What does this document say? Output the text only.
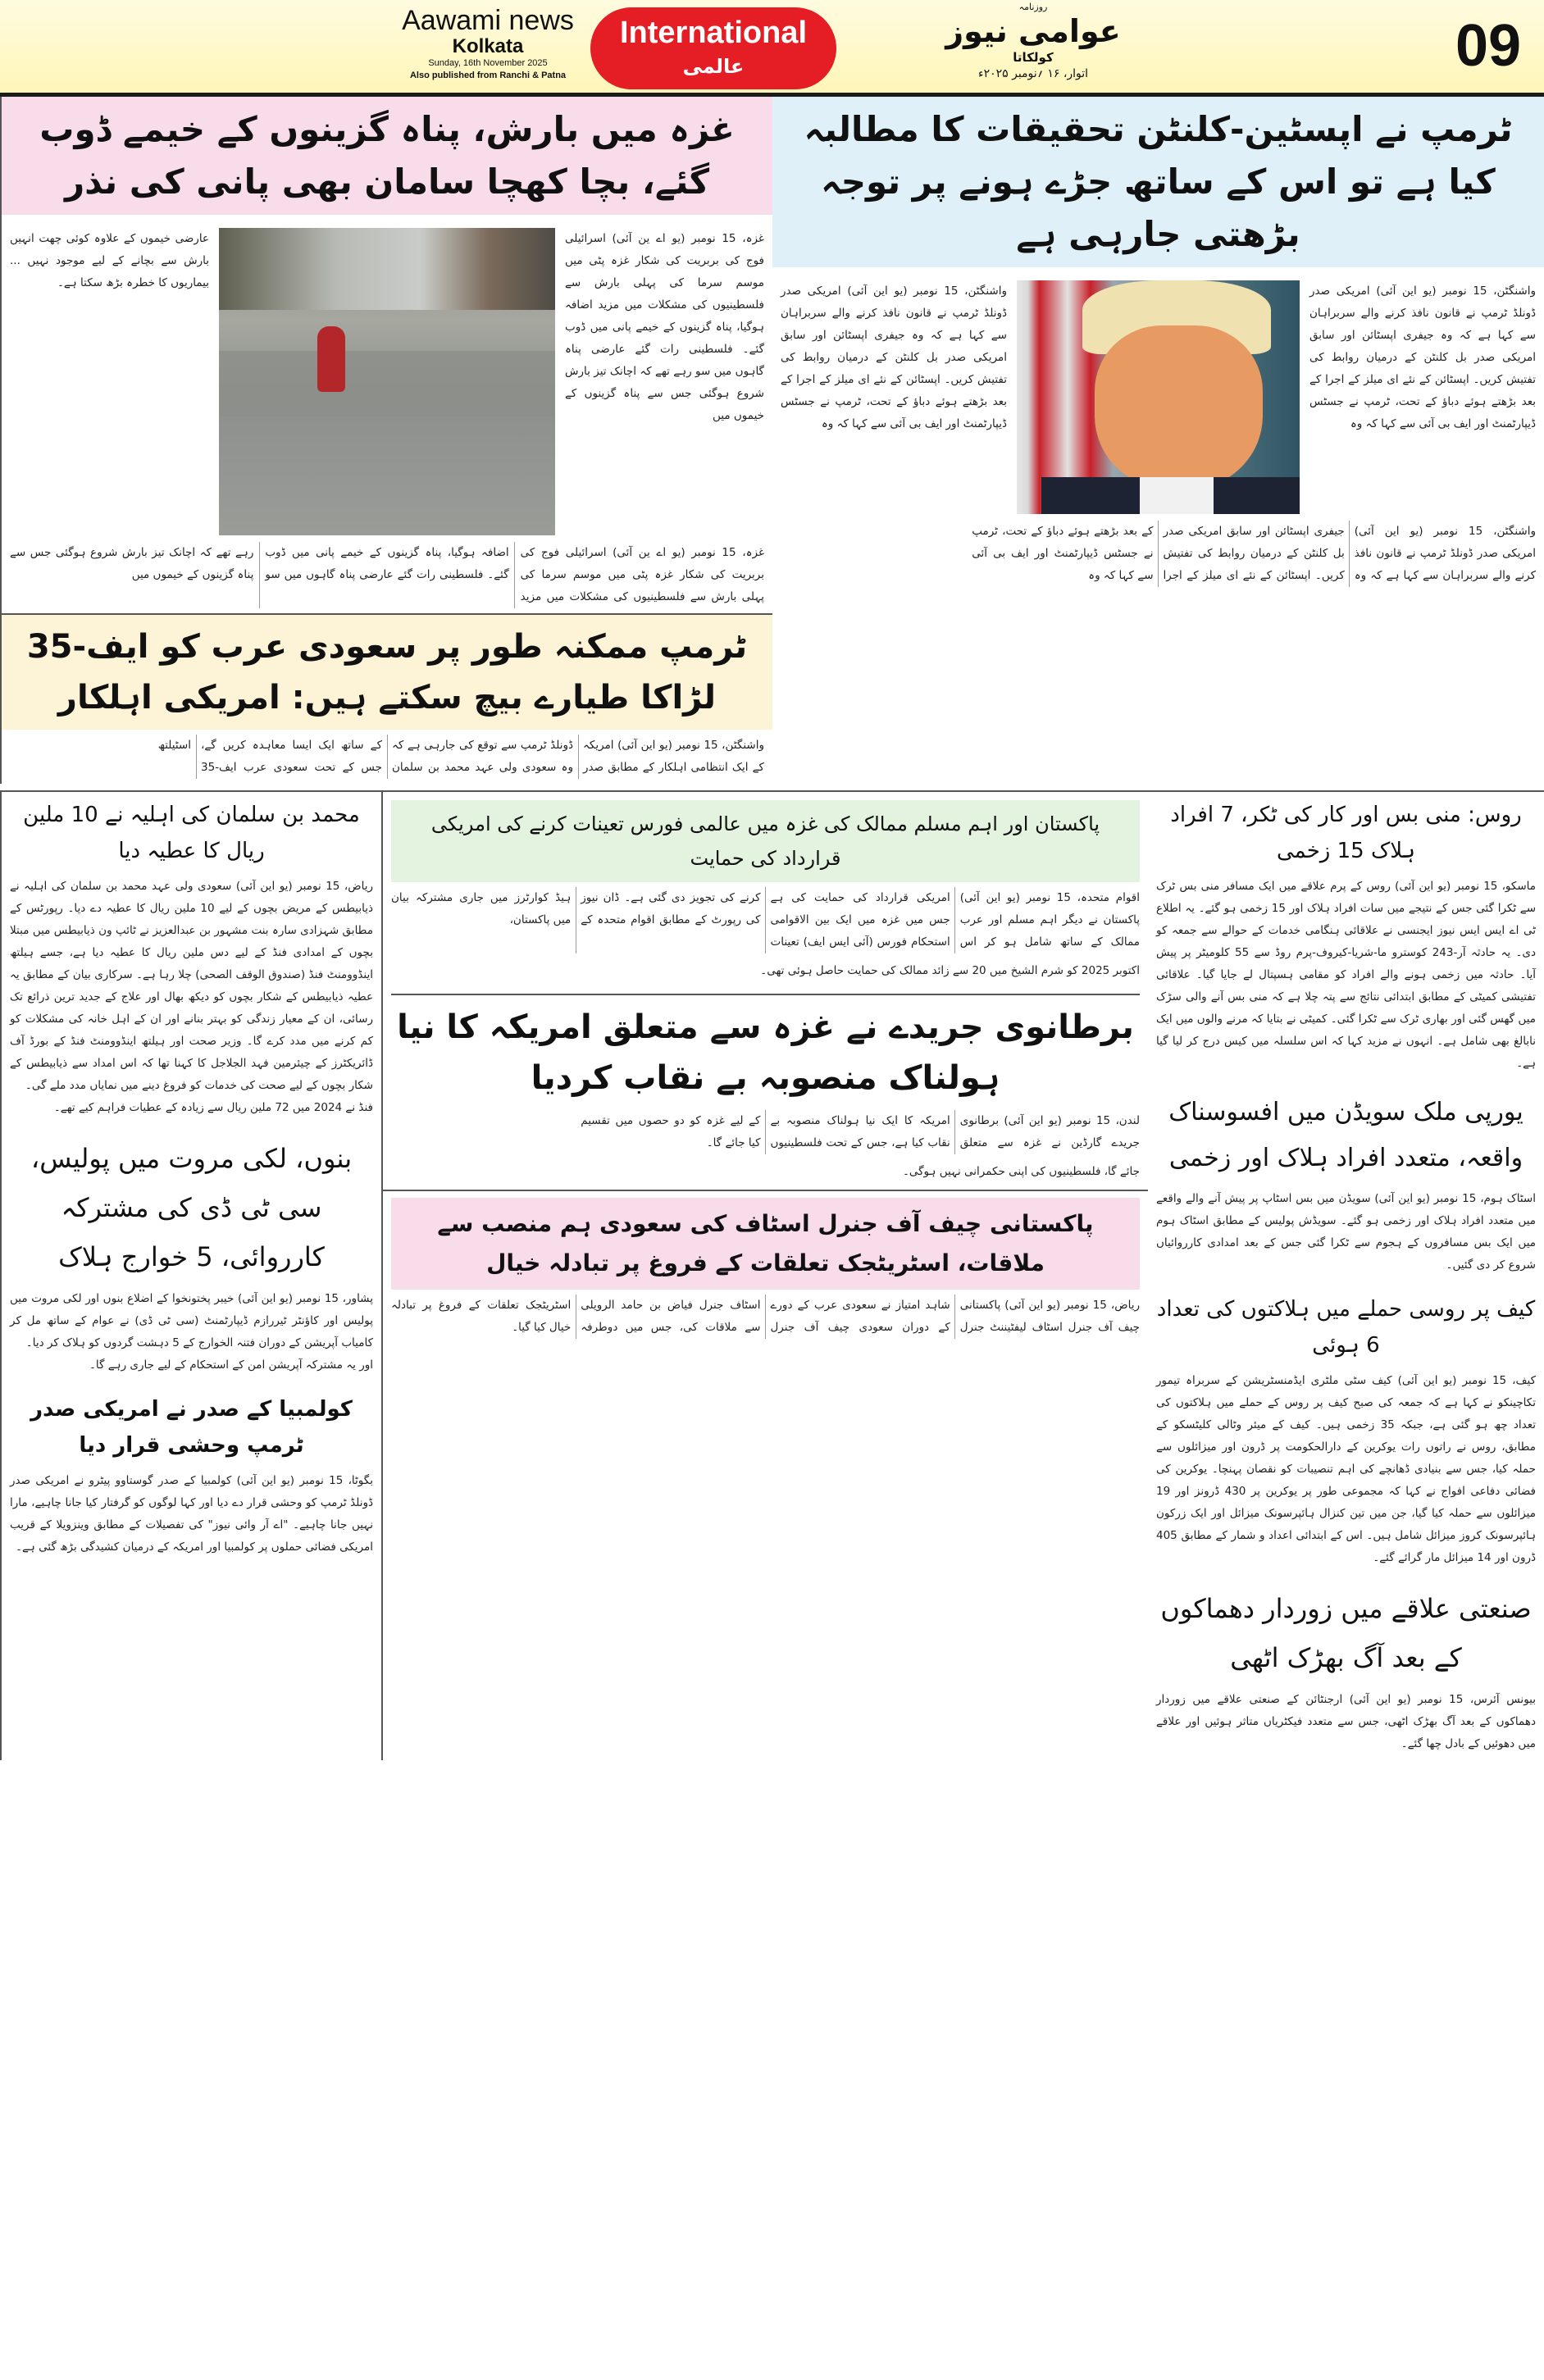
Aawami news
Kolkata
Sunday, 16th November 2025
Also published from Ranchi & Patna
International
عالمی
روزنامہ
عوامی نیوز
کولکاتا
اتوار، ۱۶ ؍نومبر ۲۰۲۵ء	09
ٹرمپ نے اپسٹین-کلنٹن تحقیقات کا مطالبہ کیا ہے تو اس کے ساتھ جڑے ہونے پر توجہ بڑھتی جارہی ہے
واشنگٹن، 15 نومبر (یو این آئی) امریکی صدر ڈونلڈ ٹرمپ نے قانون نافذ کرنے والے سربراہان سے کہا ہے کہ وہ جیفری اپسٹائن اور سابق امریکی صدر بل کلنٹن کے درمیان روابط کی تفتیش کریں۔ اپسٹائن کے نئے ای میلز کے اجرا کے بعد بڑھتے ہوئے دباؤ کے تحت، ٹرمپ نے جسٹس ڈیپارٹمنٹ اور ایف بی آئی سے کہا کہ وہ
واشنگٹن، 15 نومبر (یو این آئی) امریکی صدر ڈونلڈ ٹرمپ نے قانون نافذ کرنے والے سربراہان سے کہا ہے کہ وہ جیفری اپسٹائن اور سابق امریکی صدر بل کلنٹن کے درمیان روابط کی تفتیش کریں۔ اپسٹائن کے نئے ای میلز کے اجرا کے بعد بڑھتے ہوئے دباؤ کے تحت، ٹرمپ نے جسٹس ڈیپارٹمنٹ اور ایف بی آئی سے کہا کہ وہ
واشنگٹن، 15 نومبر (یو این آئی) امریکی صدر ڈونلڈ ٹرمپ نے قانون نافذ کرنے والے سربراہان سے کہا ہے کہ وہ جیفری اپسٹائن اور سابق امریکی صدر بل کلنٹن کے درمیان روابط کی تفتیش کریں۔ اپسٹائن کے نئے ای میلز کے اجرا کے بعد بڑھتے ہوئے دباؤ کے تحت، ٹرمپ نے جسٹس ڈیپارٹمنٹ اور ایف بی آئی سے کہا کہ وہ
غزہ میں بارش، پناہ گزینوں کے خیمے ڈوب گئے، بچا کھچا سامان بھی پانی کی نذر
غزہ، 15 نومبر (یو اے ین آئی) اسرائیلی فوج کی بربریت کی شکار غزہ پٹی میں موسم سرما کی پہلی بارش سے فلسطینیوں کی مشکلات میں مزید اضافہ ہوگیا، پناہ گزینوں کے خیمے پانی میں ڈوب گئے۔ فلسطینی رات گئے عارضی پناہ گاہوں میں سو رہے تھے کہ اچانک تیز بارش شروع ہوگئی جس سے پناہ گزینوں کے خیموں میں
عارضی خیموں کے علاوہ کوئی چھت انہیں بارش سے بچانے کے لیے موجود نہیں ... بیماریوں کا خطرہ بڑھ سکتا ہے۔
غزہ، 15 نومبر (یو اے ین آئی) اسرائیلی فوج کی بربریت کی شکار غزہ پٹی میں موسم سرما کی پہلی بارش سے فلسطینیوں کی مشکلات میں مزید اضافہ ہوگیا، پناہ گزینوں کے خیمے پانی میں ڈوب گئے۔ فلسطینی رات گئے عارضی پناہ گاہوں میں سو رہے تھے کہ اچانک تیز بارش شروع ہوگئی جس سے پناہ گزینوں کے خیموں میں
ٹرمپ ممکنہ طور پر سعودی عرب کو ایف-35 لڑاکا طیارے بیچ سکتے ہیں: امریکی اہلکار
واشنگٹن، 15 نومبر (یو این آئی) امریکہ کے ایک انتظامی اہلکار کے مطابق صدر ڈونلڈ ٹرمپ سے توقع کی جارہی ہے کہ وہ سعودی ولی عہد محمد بن سلمان کے ساتھ ایک ایسا معاہدہ کریں گے، جس کے تحت سعودی عرب ایف-35 اسٹیلتھ
روس: منی بس اور کار کی ٹکر، 7 افراد ہلاک 15 زخمی
ماسکو، 15 نومبر (یو این آئی) روس کے پرم علاقے میں ایک مسافر منی بس ٹرک سے ٹکرا گئی جس کے نتیجے میں سات افراد ہلاک اور 15 زخمی ہو گئے۔ یہ اطلاع ٹی اے ایس ایس نیوز ایجنسی نے علاقائی ہنگامی خدمات کے حوالے سے جمعہ کو دی۔ یہ حادثہ آر-243 کوسترو ما-شریا-کیروف-پرم روڈ سے 55 کلومیٹر پر پیش آیا۔ حادثہ میں زخمی ہونے والے افراد کو مقامی ہسپتال لے جایا گیا۔ علاقائی تفتیشی کمیٹی کے مطابق ابتدائی نتائج سے پتہ چلا ہے کہ منی بس آنے والی سڑک میں گھس گئی اور بھاری ٹرک سے ٹکرا گئی۔ کمیٹی نے بتایا کہ مرنے والوں میں ایک نابالغ بھی شامل ہے۔ انہوں نے مزید کہا کہ اس سلسلہ میں کیس درج کر لیا گیا ہے۔
یورپی ملک سویڈن میں افسوسناک واقعہ، متعدد افراد ہلاک اور زخمی
اسٹاک ہوم، 15 نومبر (یو این آئی) سویڈن میں بس اسٹاپ پر پیش آنے والے واقعے میں متعدد افراد ہلاک اور زخمی ہو گئے۔ سویڈش پولیس کے مطابق اسٹاک ہوم میں ایک بس مسافروں کے ہجوم سے ٹکرا گئی جس کے بعد امدادی کارروائیاں شروع کر دی گئیں۔
کیف پر روسی حملے میں ہلاکتوں کی تعداد 6 ہوئی
کیف، 15 نومبر (یو این آئی) کیف سٹی ملٹری ایڈمنسٹریشن کے سربراہ تیمور تکاچینکو نے کہا ہے کہ جمعہ کی صبح کیف پر روس کے حملے میں ہلاکتوں کی تعداد چھ ہو گئی ہے، جبکہ 35 زخمی ہیں۔ کیف کے میئر وٹالی کلیٹسکو کے مطابق، روس نے راتوں رات یوکرین کے دارالحکومت پر ڈرون اور میزائلوں سے حملہ کیا، جس سے بنیادی ڈھانچے کی اہم تنصیبات کو نقصان پہنچا۔ یوکرین کی فضائی دفاعی افواج نے کہا کہ مجموعی طور پر یوکرین پر 430 ڈرونز اور 19 میزائلوں سے حملہ کیا گیا، جن میں تین کنزال ہائپرسونک میزائل اور ایک زرکون ہائپرسونک کروز میزائل شامل ہیں۔ اس کے ابتدائی اعداد و شمار کے مطابق 405 ڈرون اور 14 میزائل مار گرائے گئے۔
صنعتی علاقے میں زوردار دھماکوں کے بعد آگ بھڑک اٹھی
بیونس آئرس، 15 نومبر (یو این آئی) ارجنٹائن کے صنعتی علاقے میں زوردار دھماکوں کے بعد آگ بھڑک اٹھی، جس سے متعدد فیکٹریاں متاثر ہوئیں اور علاقے میں دھوئیں کے بادل چھا گئے۔
پاکستان اور اہم مسلم ممالک کی غزہ میں عالمی فورس تعینات کرنے کی امریکی قرارداد کی حمایت
اقوام متحدہ، 15 نومبر (یو این آئی) پاکستان نے دیگر اہم مسلم اور عرب ممالک کے ساتھ شامل ہو کر اس امریکی قرارداد کی حمایت کی ہے جس میں غزہ میں ایک بین الاقوامی استحکام فورس (آئی ایس ایف) تعینات کرنے کی تجویز دی گئی ہے۔ ڈان نیوز کی رپورٹ کے مطابق اقوام متحدہ کے ہیڈ کوارٹرز میں جاری مشترکہ بیان میں پاکستان،
اکتوبر 2025 کو شرم الشیخ میں 20 سے زائد ممالک کی حمایت حاصل ہوئی تھی۔
برطانوی جریدے نے غزہ سے متعلق امریکہ کا نیا ہولناک منصوبہ بے نقاب کردیا
لندن، 15 نومبر (یو این آئی) برطانوی جریدے گارڈین نے غزہ سے متعلق امریکہ کا ایک نیا ہولناک منصوبہ بے نقاب کیا ہے، جس کے تحت فلسطینیوں کے لیے غزہ کو دو حصوں میں تقسیم کیا جائے گا۔
جائے گا، فلسطینیوں کی اپنی حکمرانی نہیں ہوگی۔
پاکستانی چیف آف جنرل اسٹاف کی سعودی ہم منصب سے ملاقات، اسٹریٹجک تعلقات کے فروغ پر تبادلہ خیال
ریاض، 15 نومبر (یو این آئی) پاکستانی چیف آف جنرل اسٹاف لیفٹیننٹ جنرل شاہد امتیاز نے سعودی عرب کے دورے کے دوران سعودی چیف آف جنرل اسٹاف جنرل فیاض بن حامد الرویلی سے ملاقات کی، جس میں دوطرفہ اسٹریٹجک تعلقات کے فروغ پر تبادلہ خیال کیا گیا۔
محمد بن سلمان کی اہلیہ نے 10 ملین ریال کا عطیہ دیا
ریاض، 15 نومبر (یو این آئی) سعودی ولی عہد محمد بن سلمان کی اہلیہ نے ذیابیطس کے مریض بچوں کے لیے 10 ملین ریال کا عطیہ دے دیا۔ رپورٹس کے مطابق شہزادی سارہ بنت مشہور بن عبدالعزیز نے ٹائپ ون ذیابیطس میں مبتلا بچوں کے امدادی فنڈ کے لیے دس ملین ریال کا عطیہ دیا ہے، جسے ہیلتھ اینڈوومنٹ فنڈ (صندوق الوقف الصحی) چلا رہا ہے۔ سرکاری بیان کے مطابق یہ عطیہ ذیابیطس کے شکار بچوں کو دیکھ بھال اور علاج کے جدید ترین ذرائع تک رسائی، ان کے معیار زندگی کو بہتر بنانے اور ان کے اہل خانہ کی مشکلات کو کم کرنے میں مدد کرے گا۔ وزیر صحت اور ہیلتھ اینڈوومنٹ فنڈ کے بورڈ آف ڈائریکٹرز کے چیئرمین فہد الجلاجل کا کہنا تھا کہ اس امداد سے ذیابیطس کے شکار بچوں کے لیے صحت کی خدمات کو فروغ دینے میں نمایاں مدد ملے گی۔
فنڈ نے 2024 میں 72 ملین ریال سے زیادہ کے عطیات فراہم کیے تھے۔
بنوں، لکی مروت میں پولیس، سی ٹی ڈی کی مشترکہ کارروائی، 5 خوارج ہلاک
پشاور، 15 نومبر (یو این آئی) خیبر پختونخوا کے اضلاع بنوں اور لکی مروت میں پولیس اور کاؤنٹر ٹیررازم ڈیپارٹمنٹ (سی ٹی ڈی) نے عوام کے ساتھ مل کر کامیاب آپریشن کے دوران فتنہ الخوارج کے 5 دہشت گردوں کو ہلاک کر دیا۔
اور یہ مشترکہ آپریشن امن کے استحکام کے لیے جاری رہے گا۔
کولمبیا کے صدر نے امریکی صدر ٹرمپ وحشی قرار دیا
بگوٹا، 15 نومبر (یو این آئی) کولمبیا کے صدر گوستاوو پیٹرو نے امریکی صدر ڈونلڈ ٹرمپ کو وحشی قرار دے دیا اور کہا لوگوں کو گرفتار کیا جانا چاہیے، مارا نہیں جانا چاہیے۔ "اے آر وائی نیوز" کی تفصیلات کے مطابق وینزویلا کے قریب امریکی فضائی حملوں پر کولمبیا اور امریکہ کے درمیان کشیدگی بڑھ گئی ہے۔
